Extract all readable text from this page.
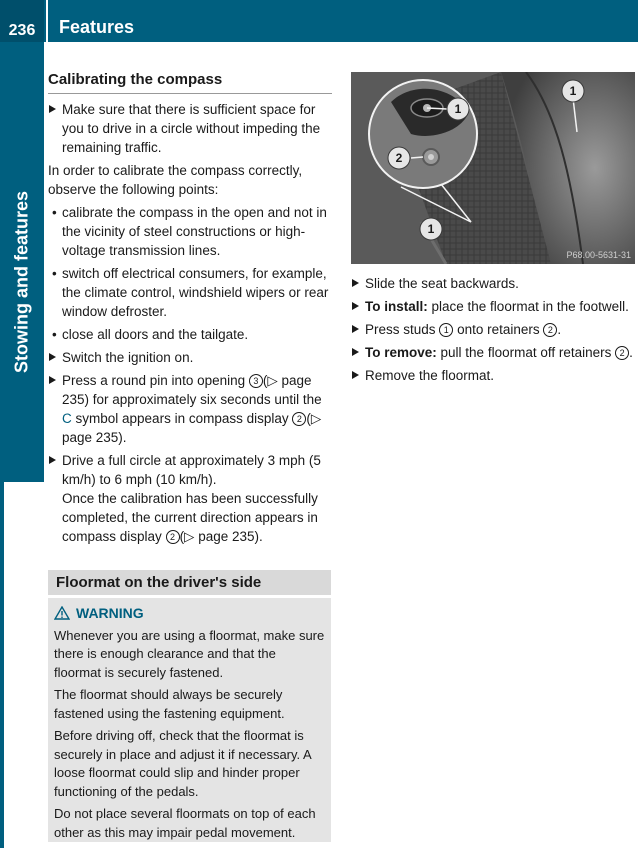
236	Features
Stowing and features
Calibrating the compass
Make sure that there is sufficient space for you to drive in a circle without impeding the remaining traffic.

In order to calibrate the compass correctly, observe the following points:

• calibrate the compass in the open and not in the vicinity of steel constructions or high-voltage transmission lines.
• switch off electrical consumers, for example, the climate control, windshield wipers or rear window defroster.
• close all doors and the tailgate.
Switch the ignition on.
Press a round pin into opening 3 (▷ page 235) for approximately six seconds until the C symbol appears in compass display 2 (▷ page 235).
Drive a full circle at approximately 3 mph (5 km/h) to 6 mph (10 km/h).
Once the calibration has been successfully completed, the current direction appears in compass display 2 (▷ page 235).
Floormat on the driver's side
WARNING

Whenever you are using a floormat, make sure there is enough clearance and that the floormat is securely fastened.

The floormat should always be securely fastened using the fastening equipment.

Before driving off, check that the floormat is securely in place and adjust it if necessary. A loose floormat could slip and hinder proper functioning of the pedals.

Do not place several floormats on top of each other as this may impair pedal movement.

1
2
1
1
P68.00-5631-31
Slide the seat backwards.
To install: place the floormat in the footwell.
Press studs 1 onto retainers 2 .
To remove: pull the floormat off retainers 2 .
Remove the floormat.
